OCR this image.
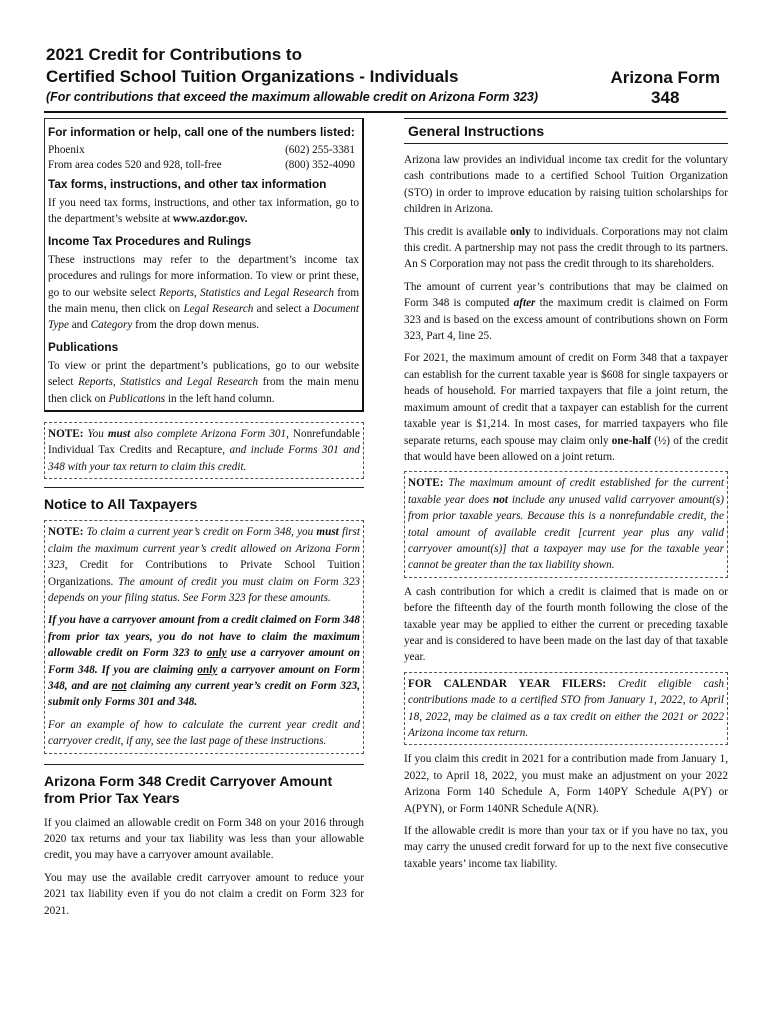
2021 Credit for Contributions to
Certified School Tuition Organizations - Individuals
(For contributions that exceed the maximum allowable credit on Arizona Form 323)
Arizona Form
348
For information or help, call one of the numbers listed:
Phoenix	(602) 255-3381
From area codes 520 and 928, toll-free	(800) 352-4090
Tax forms, instructions, and other tax information

If you need tax forms, instructions, and other tax information, go to the department’s website at www.azdor.gov.

Income Tax Procedures and Rulings

These instructions may refer to the department’s income tax procedures and rulings for more information. To view or print these, go to our website select Reports, Statistics and Legal Research from the main menu, then click on Legal Research and select a Document Type and Category from the drop down menus.

Publications

To view or print the department’s publications, go to our website select Reports, Statistics and Legal Research from the main menu then click on Publications in the left hand column.

NOTE: You must also complete Arizona Form 301, Nonrefundable Individual Tax Credits and Recapture, and include Forms 301 and 348 with your tax return to claim this credit.

Notice to All Taxpayers

NOTE: To claim a current year’s credit on Form 348, you must first claim the maximum current year’s credit allowed on Arizona Form 323, Credit for Contributions to Private School Tuition Organizations. The amount of credit you must claim on Form 323 depends on your filing status. See Form 323 for these amounts.

If you have a carryover amount from a credit claimed on Form 348 from prior tax years, you do not have to claim the maximum allowable credit on Form 323 to only use a carryover amount on Form 348. If you are claiming only a carryover amount on Form 348, and are not claiming any current year’s credit on Form 323, submit only Forms 301 and 348.

For an example of how to calculate the current year credit and carryover credit, if any, see the last page of these instructions.

Arizona Form 348 Credit Carryover Amount from Prior Tax Years

If you claimed an allowable credit on Form 348 on your 2016 through 2020 tax returns and your tax liability was less than your allowable credit, you may have a carryover amount available.

You may use the available credit carryover amount to reduce your 2021 tax liability even if you do not claim a credit on Form 323 for 2021.

General Instructions

Arizona law provides an individual income tax credit for the voluntary cash contributions made to a certified School Tuition Organization (STO) in order to improve education by raising tuition scholarships for children in Arizona.

This credit is available only to individuals. Corporations may not claim this credit. A partnership may not pass the credit through to its partners. An S Corporation may not pass the credit through to its shareholders.

The amount of current year’s contributions that may be claimed on Form 348 is computed after the maximum credit is claimed on Form 323 and is based on the excess amount of contributions shown on Form 323, Part 4, line 25.

For 2021, the maximum amount of credit on Form 348 that a taxpayer can establish for the current taxable year is $608 for single taxpayers or heads of household. For married taxpayers that file a joint return, the maximum amount of credit that a taxpayer can establish for the current taxable year is $1,214. In most cases, for married taxpayers who file separate returns, each spouse may claim only one-half (½) of the credit that would have been allowed on a joint return.

NOTE: The maximum amount of credit established for the current taxable year does not include any unused valid carryover amount(s) from prior taxable years. Because this is a nonrefundable credit, the total amount of available credit [current year plus any valid carryover amount(s)] that a taxpayer may use for the taxable year cannot be greater than the tax liability shown.

A cash contribution for which a credit is claimed that is made on or before the fifteenth day of the fourth month following the close of the taxable year may be applied to either the current or preceding taxable year and is considered to have been made on the last day of that taxable year.

FOR CALENDAR YEAR FILERS: Credit eligible cash contributions made to a certified STO from January 1, 2022, to April 18, 2022, may be claimed as a tax credit on either the 2021 or 2022 Arizona income tax return.

If you claim this credit in 2021 for a contribution made from January 1, 2022, to April 18, 2022, you must make an adjustment on your 2022 Arizona Form 140 Schedule A, Form 140PY Schedule A(PY) or A(PYN), or Form 140NR Schedule A(NR).

If the allowable credit is more than your tax or if you have no tax, you may carry the unused credit forward for up to the next five consecutive taxable years’ income tax liability.
